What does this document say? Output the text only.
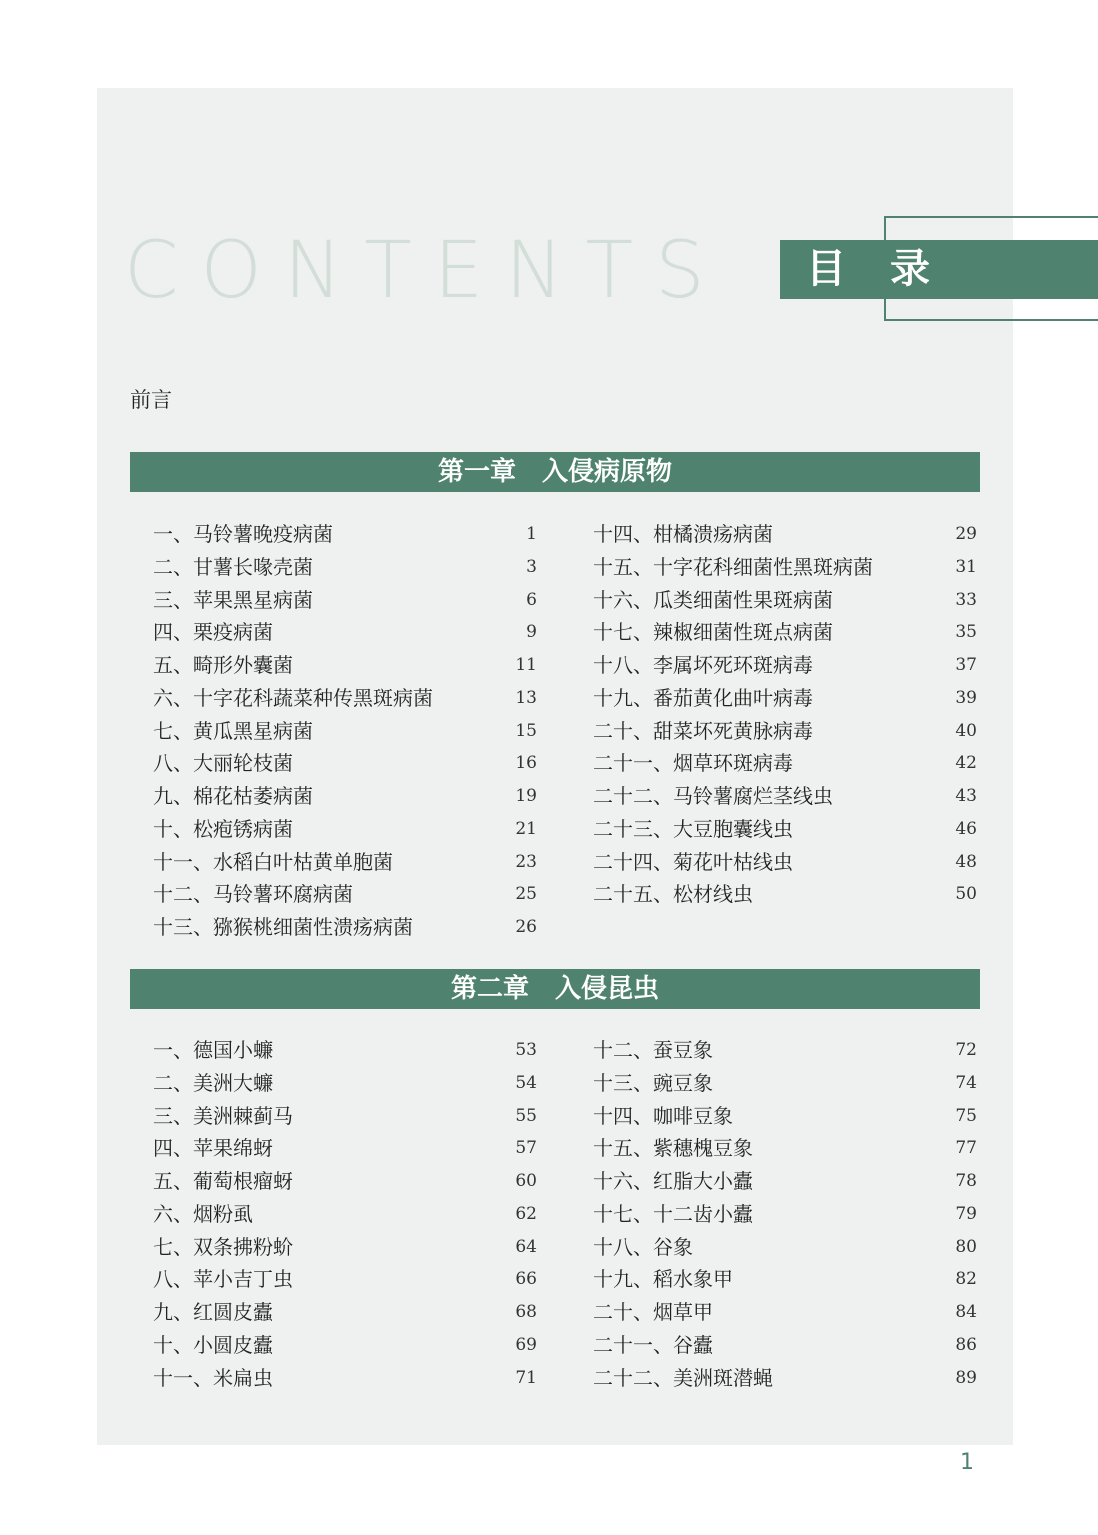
CONTENTS	目录
前言
第一章　入侵病原物
一、马铃薯晚疫病菌	1
二、甘薯长喙壳菌	3
三、苹果黑星病菌	6
四、栗疫病菌	9
五、畸形外囊菌	11
六、十字花科蔬菜种传黑斑病菌	13
七、黄瓜黑星病菌	15
八、大丽轮枝菌	16
九、棉花枯萎病菌	19
十、松疱锈病菌	21
十一、水稻白叶枯黄单胞菌	23
十二、马铃薯环腐病菌	25
十三、猕猴桃细菌性溃疡病菌	26
十四、柑橘溃疡病菌	29
十五、十字花科细菌性黑斑病菌	31
十六、瓜类细菌性果斑病菌	33
十七、辣椒细菌性斑点病菌	35
十八、李属坏死环斑病毒	37
十九、番茄黄化曲叶病毒	39
二十、甜菜坏死黄脉病毒	40
二十一、烟草环斑病毒	42
二十二、马铃薯腐烂茎线虫	43
二十三、大豆胞囊线虫	46
二十四、菊花叶枯线虫	48
二十五、松材线虫	50
第二章　入侵昆虫
一、德国小蠊	53
二、美洲大蠊	54
三、美洲棘蓟马	55
四、苹果绵蚜	57
五、葡萄根瘤蚜	60
六、烟粉虱	62
七、双条拂粉蚧	64
八、苹小吉丁虫	66
九、红圆皮蠹	68
十、小圆皮蠹	69
十一、米扁虫	71
十二、蚕豆象	72
十三、豌豆象	74
十四、咖啡豆象	75
十五、紫穗槐豆象	77
十六、红脂大小蠹	78
十七、十二齿小蠹	79
十八、谷象	80
十九、稻水象甲	82
二十、烟草甲	84
二十一、谷蠹	86
二十二、美洲斑潜蝇	89
1
